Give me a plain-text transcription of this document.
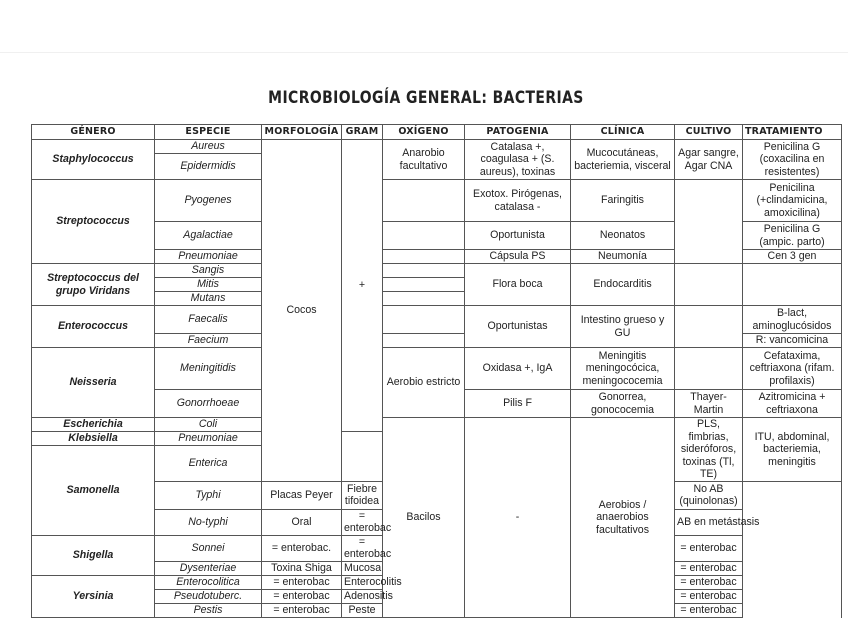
MICROBIOLOGÍA GENERAL: BACTERIAS
GÉNERO	ESPECIE	MORFOLOGÍA	GRAM	OXÍGENO	PATOGENIA	CLÍNICA	CULTIVO	TRATAMIENTO	
Staphylococcus	Aureus	Cocos	+	Anarobio facultativo	Catalasa +, coagulasa + (S. aureus), toxinas	Mucocutáneas, bacteriemia, visceral	Agar sangre, Agar CNA	Penicilina G (coxacilina en resistentes)	
	Epidermidis								
Streptococcus	Pyogenes				Exotox. Pirógenas, catalasa -	Faringitis		Penicilina (+clindamicina, amoxicilina)	
	Agalactiae				Oportunista	Neonatos		Penicilina G (ampic. parto)	
	Pneumoniae				Cápsula PS	Neumonía		Cen 3 gen	
Streptococcus del grupo Viridans	Sangis				Flora boca	Endocarditis			
	Mitis								
	Mutans								
Enterococcus	Faecalis				Oportunistas	Intestino grueso y GU		B-lact, aminoglucósidos	
	Faecium							R: vancomicina	
Neisseria	Meningitidis			Aerobio estricto	Oxidasa +, IgA	Meningitis meningocócica, meningococemia		Cefataxima, ceftriaxona (rifam. profilaxis)	
	Gonorrhoeae				Pilis F	Gonorrea, gonococemia	Thayer-Martin	Azitromicina + ceftriaxona	
Escherichia	Coli			Bacilos	-	Aerobios / anaerobios facultativos	PLS, fimbrias, sideróforos, toxinas (Tl, TE)	ITU, abdominal, bacteriemia, meningitis		
Klebsiella	Pneumoniae								
Samonella	Enterica								
	Typhi	Placas Peyer	Fiebre tifoidea				No AB (quinolonas)		
	No-typhi	Oral	= enterobac				AB en metástasis		
Shigella	Sonnei	= enterobac.	= enterobac				= enterobac		
	Dysenteriae	Toxina Shiga	Mucosa				= enterobac		
Yersinia	Enterocolitica	= enterobac	Enterocolitis				= enterobac		
	Pseudotuberc.	= enterobac	Adenositis				= enterobac		
	Pestis	= enterobac	Peste				= enterobac		
